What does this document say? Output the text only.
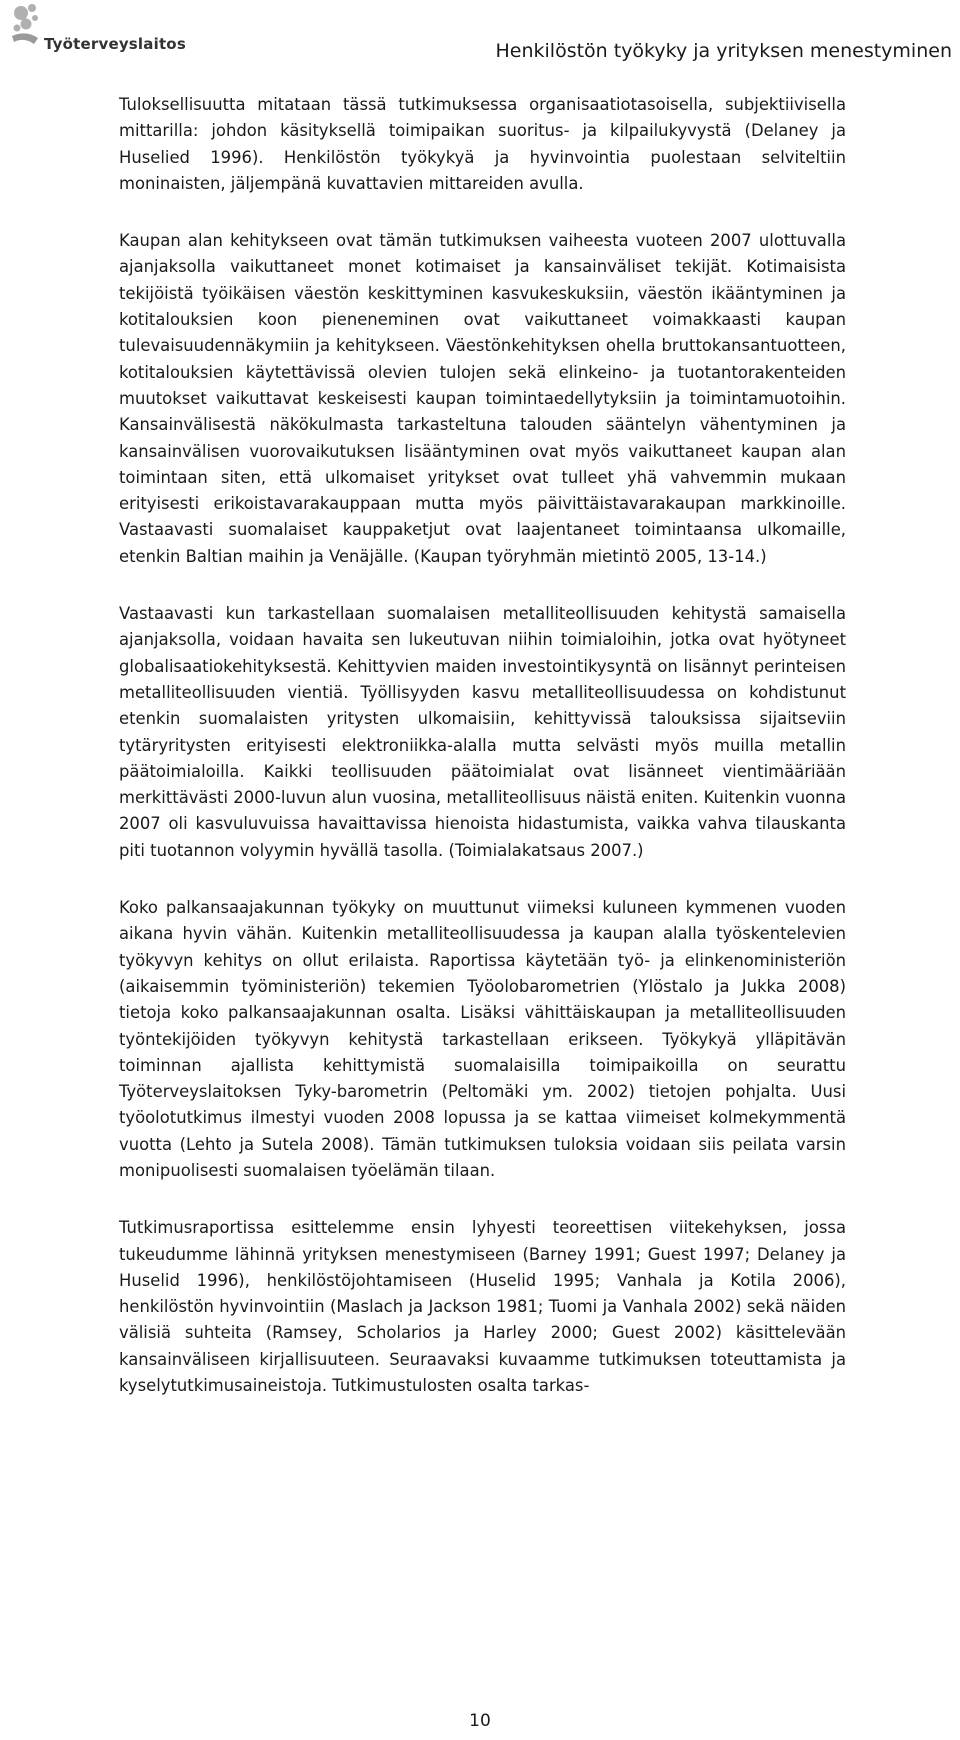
Työterveyslaitos	Henkilöstön työkyky ja yrityksen menestyminen

Tuloksellisuutta mitataan tässä tutkimuksessa organisaatiotasoisella, subjektiivisella mittarilla: johdon käsityksellä toimipaikan suoritus- ja kilpailukyvystä (Delaney ja Huselied 1996). Henkilöstön työkykyä ja hyvinvointia puolestaan selviteltiin moninaisten, jäljempänä kuvattavien mittareiden avulla.

Kaupan alan kehitykseen ovat tämän tutkimuksen vaiheesta vuoteen 2007 ulottuvalla ajanjaksolla vaikuttaneet monet kotimaiset ja kansainväliset tekijät. Kotimaisista tekijöistä työikäisen väestön keskittyminen kasvukeskuksiin, väestön ikääntyminen ja kotitalouksien koon pieneneminen ovat vaikuttaneet voimakkaasti kaupan tulevaisuudennäkymiin ja kehitykseen. Väestönkehityksen ohella bruttokansantuotteen, kotitalouksien käytettävissä olevien tulojen sekä elinkeino- ja tuotantorakenteiden muutokset vaikuttavat keskeisesti kaupan toimintaedellytyksiin ja toimintamuotoihin. Kansainvälisestä näkökulmasta tarkasteltuna talouden sääntelyn vähentyminen ja kansainvälisen vuorovaikutuksen lisääntyminen ovat myös vaikuttaneet kaupan alan toimintaan siten, että ulkomaiset yritykset ovat tulleet yhä vahvemmin mukaan erityisesti erikoistavarakauppaan mutta myös päivittäistavarakaupan markkinoille. Vastaavasti suomalaiset kauppaketjut ovat laajentaneet toimintaansa ulkomaille, etenkin Baltian maihin ja Venäjälle. (Kaupan työryhmän mietintö 2005, 13-14.)

Vastaavasti kun tarkastellaan suomalaisen metalliteollisuuden kehitystä samaisella ajanjaksolla, voidaan havaita sen lukeutuvan niihin toimialoihin, jotka ovat hyötyneet globalisaatiokehityksestä. Kehittyvien maiden investointikysyntä on lisännyt perinteisen metalliteollisuuden vientiä. Työllisyyden kasvu metalliteollisuudessa on kohdistunut etenkin suomalaisten yritysten ulkomaisiin, kehittyvissä talouksissa sijaitseviin tytäryritysten erityisesti elektroniikka-alalla mutta selvästi myös muilla metallin päätoimialoilla. Kaikki teollisuuden päätoimialat ovat lisänneet vientimääriään merkittävästi 2000-luvun alun vuosina, metalliteollisuus näistä eniten. Kuitenkin vuonna 2007 oli kasvuluvuissa havaittavissa hienoista hidastumista, vaikka vahva tilauskanta piti tuotannon volyymin hyvällä tasolla. (Toimialakatsaus 2007.)

Koko palkansaajakunnan työkyky on muuttunut viimeksi kuluneen kymmenen vuoden aikana hyvin vähän. Kuitenkin metalliteollisuudessa ja kaupan alalla työskentelevien työkyvyn kehitys on ollut erilaista. Raportissa käytetään työ- ja elinkenoministeriön (aikaisemmin työministeriön) tekemien Työolobarometrien (Ylöstalo ja Jukka 2008) tietoja koko palkansaajakunnan osalta. Lisäksi vähittäiskaupan ja metalliteollisuuden työntekijöiden työkyvyn kehitystä tarkastellaan erikseen. Työkykyä ylläpitävän toiminnan ajallista kehittymistä suomalaisilla toimipaikoilla on seurattu Työterveyslaitoksen Tyky-barometrin (Peltomäki ym. 2002) tietojen pohjalta. Uusi työolotutkimus ilmestyi vuoden 2008 lopussa ja se kattaa viimeiset kolmekymmentä vuotta (Lehto ja Sutela 2008). Tämän tutkimuksen tuloksia voidaan siis peilata varsin monipuolisesti suomalaisen työelämän tilaan.

Tutkimusraportissa esittelemme ensin lyhyesti teoreettisen viitekehyksen, jossa tukeudumme lähinnä yrityksen menestymiseen (Barney 1991; Guest 1997; Delaney ja Huselid 1996), henkilöstöjohtamiseen (Huselid 1995; Vanhala ja Kotila 2006), henkilöstön hyvinvointiin (Maslach ja Jackson 1981; Tuomi ja Vanhala 2002) sekä näiden välisiä suhteita (Ramsey, Scholarios ja Harley 2000; Guest 2002) käsittelevään kansainväliseen kirjallisuuteen. Seuraavaksi kuvaamme tutkimuksen toteuttamista ja kyselytutkimusaineistoja. Tutkimustulosten osalta tarkas-

10
